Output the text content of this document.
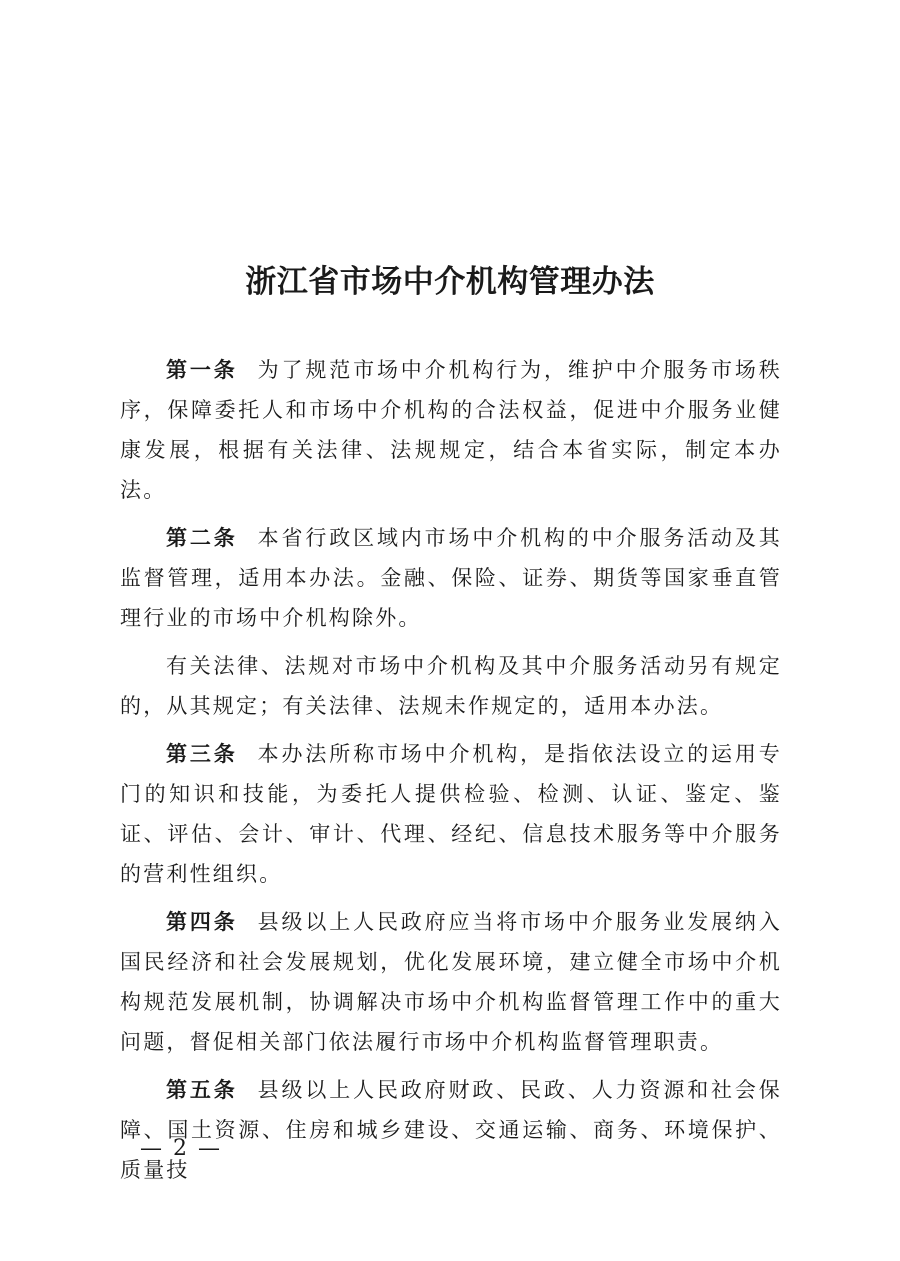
浙江省市场中介机构管理办法

第一条 为了规范市场中介机构行为，维护中介服务市场秩序，保障委托人和市场中介机构的合法权益，促进中介服务业健康发展，根据有关法律、法规规定，结合本省实际，制定本办法。

第二条 本省行政区域内市场中介机构的中介服务活动及其监督管理，适用本办法。金融、保险、证券、期货等国家垂直管理行业的市场中介机构除外。

有关法律、法规对市场中介机构及其中介服务活动另有规定的，从其规定；有关法律、法规未作规定的，适用本办法。

第三条 本办法所称市场中介机构，是指依法设立的运用专门的知识和技能，为委托人提供检验、检测、认证、鉴定、鉴证、评估、会计、审计、代理、经纪、信息技术服务等中介服务的营利性组织。

第四条 县级以上人民政府应当将市场中介服务业发展纳入国民经济和社会发展规划，优化发展环境，建立健全市场中介机构规范发展机制，协调解决市场中介机构监督管理工作中的重大问题，督促相关部门依法履行市场中介机构监督管理职责。

第五条 县级以上人民政府财政、民政、人力资源和社会保障、国土资源、住房和城乡建设、交通运输、商务、环境保护、质量技

— 2 —
